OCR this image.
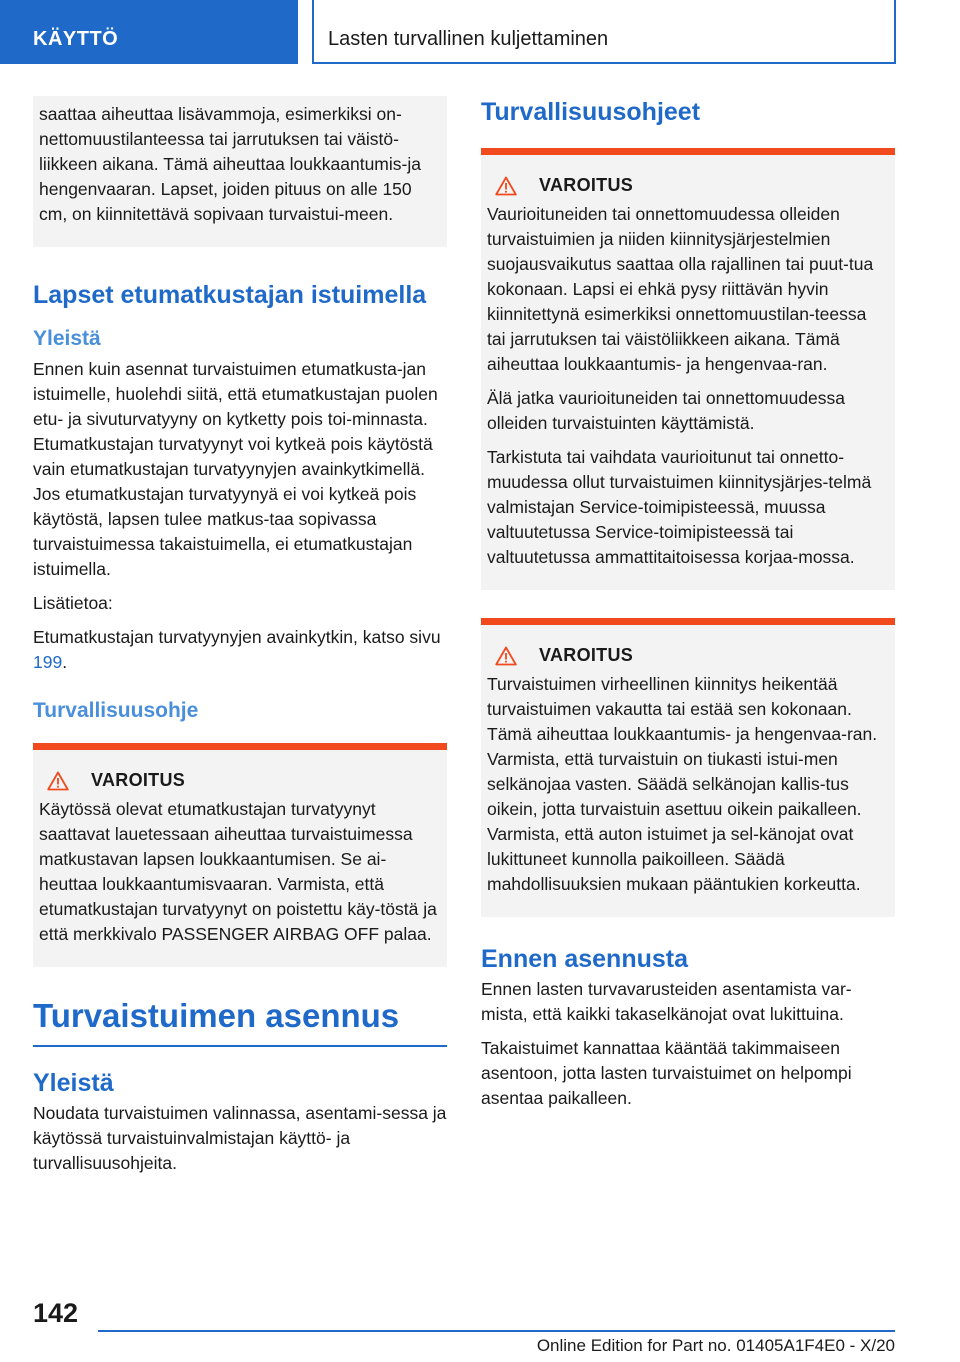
KÄYTTÖ	Lasten turvallinen kuljettaminen

saattaa aiheuttaa lisävammoja, esimerkiksi on-nettomuustilanteessa tai jarrutuksen tai väistö-liikkeen aikana. Tämä aiheuttaa loukkaantumis-ja hengenvaaran. Lapset, joiden pituus on alle 150 cm, on kiinnitettävä sopivaan turvaistui-meen.

Lapset etumatkustajan istuimella
Yleistä

Ennen kuin asennat turvaistuimen etumatkusta-jan istuimelle, huolehdi siitä, että etumatkustajan puolen etu- ja sivuturvatyyny on kytketty pois toi-minnasta. Etumatkustajan turvatyynyt voi kytkeä pois käytöstä vain etumatkustajan turvatyynyjen avainkytkimellä. Jos etumatkustajan turvatyynyä ei voi kytkeä pois käytöstä, lapsen tulee matkus-taa sopivassa turvaistuimessa takaistuimella, ei etumatkustajan istuimella.

Lisätietoa:

Etumatkustajan turvatyynyjen avainkytkin, katso sivu 199.

Turvallisuusohje
VAROITUS

Käytössä olevat etumatkustajan turvatyynyt saattavat lauetessaan aiheuttaa turvaistuimessa matkustavan lapsen loukkaantumisen. Se ai-heuttaa loukkaantumisvaaran. Varmista, että etumatkustajan turvatyynyt on poistettu käy-töstä ja että merkkivalo PASSENGER AIRBAG OFF palaa.

Turvaistuimen asennus
Yleistä

Noudata turvaistuimen valinnassa, asentami-sessa ja käytössä turvaistuinvalmistajan käyttö- ja turvallisuusohjeita.

Turvallisuusohjeet
VAROITUS

Vaurioituneiden tai onnettomuudessa olleiden turvaistuimien ja niiden kiinnitysjärjestelmien suojausvaikutus saattaa olla rajallinen tai puut-tua kokonaan. Lapsi ei ehkä pysy riittävän hyvin kiinnitettynä esimerkiksi onnettomuustilan-teessa tai jarrutuksen tai väistöliikkeen aikana. Tämä aiheuttaa loukkaantumis- ja hengenvaa-ran.

Älä jatka vaurioituneiden tai onnettomuudessa olleiden turvaistuinten käyttämistä.

Tarkistuta tai vaihdata vaurioitunut tai onnetto-muudessa ollut turvaistuimen kiinnitysjärjes-telmä valmistajan Service-toimipisteessä, muussa valtuutetussa Service-toimipisteessä tai valtuutetussa ammattitaitoisessa korjaa-mossa.

VAROITUS

Turvaistuimen virheellinen kiinnitys heikentää turvaistuimen vakautta tai estää sen kokonaan. Tämä aiheuttaa loukkaantumis- ja hengenvaa-ran. Varmista, että turvaistuin on tiukasti istui-men selkänojaa vasten. Säädä selkänojan kallis-tus oikein, jotta turvaistuin asettuu oikein paikalleen. Varmista, että auton istuimet ja sel-känojat ovat lukittuneet kunnolla paikoilleen. Säädä mahdollisuuksien mukaan pääntukien korkeutta.

Ennen asennusta

Ennen lasten turvavarusteiden asentamista var-mista, että kaikki takaselkänojat ovat lukittuina.

Takaistuimet kannattaa kääntää takimmaiseen asentoon, jotta lasten turvaistuimet on helpompi asentaa paikalleen.

142
Online Edition for Part no. 01405A1F4E0 - X/20
